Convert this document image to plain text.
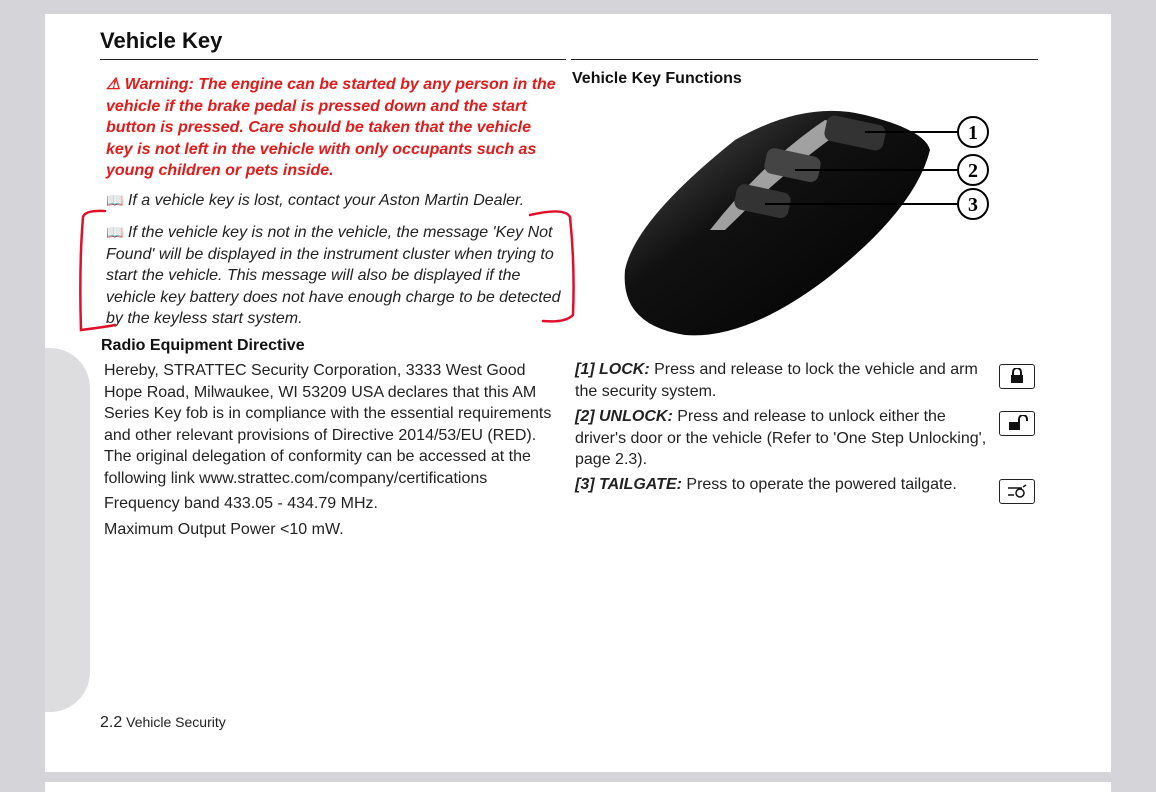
Vehicle Key
⚠ Warning: The engine can be started by any person in the vehicle if the brake pedal is pressed down and the start button is pressed. Care should be taken that the vehicle key is not left in the vehicle with only occupants such as young children or pets inside.
📖 If a vehicle key is lost, contact your Aston Martin Dealer.
📖 If the vehicle key is not in the vehicle, the message 'Key Not Found' will be displayed in the instrument cluster when trying to start the vehicle. This message will also be displayed if the vehicle key battery does not have enough charge to be detected by the keyless start system.
Radio Equipment Directive

Hereby, STRATTEC Security Corporation, 3333 West Good Hope Road, Milwaukee, WI 53209 USA declares that this AM Series Key fob is in compliance with the essential requirements and other relevant provisions of Directive 2014/53/EU (RED). The original delegation of conformity can be accessed at the following link www.strattec.com/company/certifications

Frequency band 433.05 - 434.79 MHz.

Maximum Output Power <10 mW.

Vehicle Key Functions
1
2
3
[1] LOCK: Press and release to lock the vehicle and arm the security system.
[2] UNLOCK: Press and release to unlock either the driver's door or the vehicle (Refer to 'One Step Unlocking', page 2.3).
[3] TAILGATE: Press to operate the powered tailgate.
2.2 Vehicle Security
